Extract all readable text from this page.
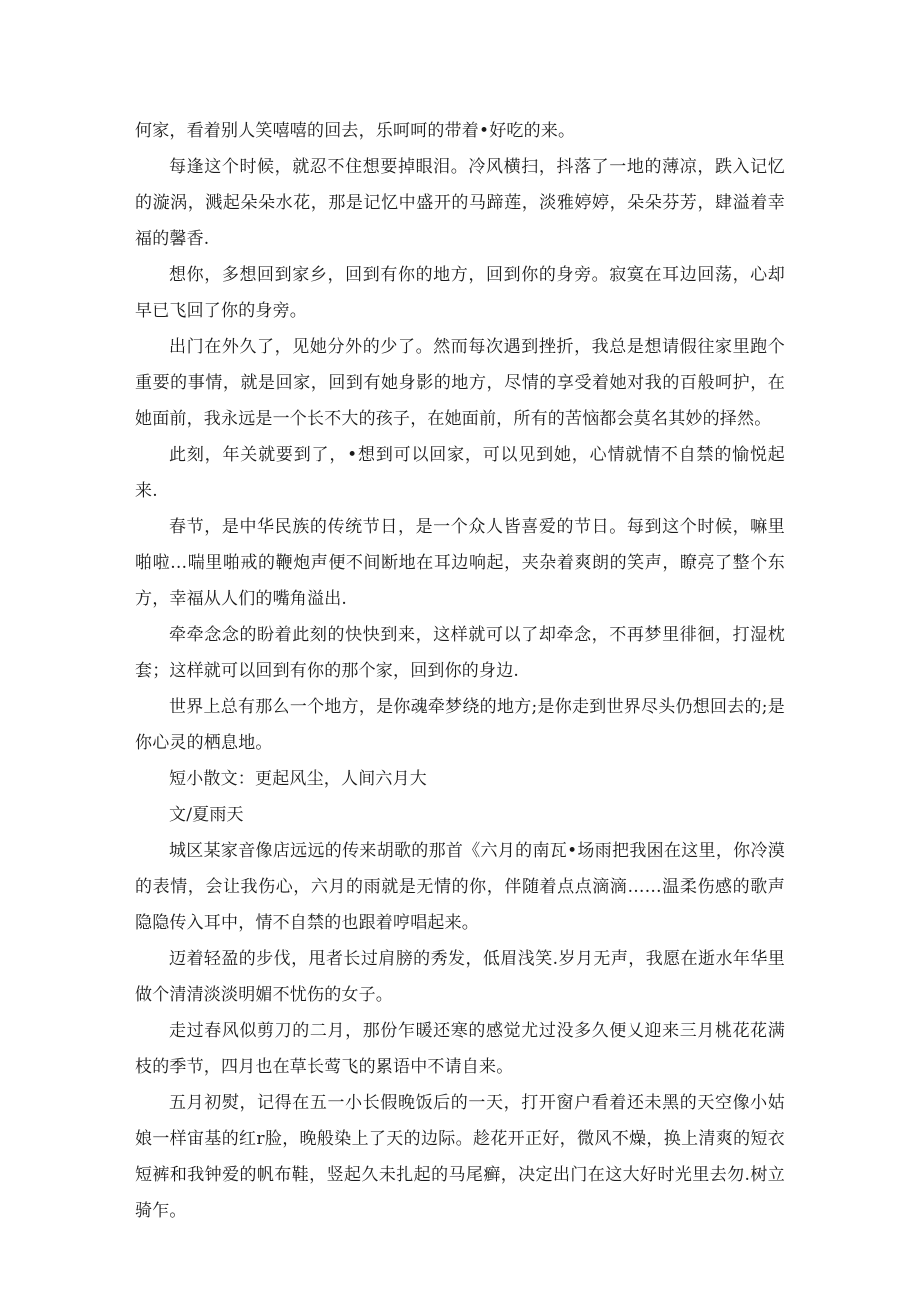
何家，看着别人笑嘻嘻的回去，乐呵呵的带着•好吃的来。

每逢这个时候，就忍不住想要掉眼泪。冷风横扫，抖落了一地的薄凉，跌入记忆的漩涡，溅起朵朵水花，那是记忆中盛开的马蹄莲，淡雅婷婷，朵朵芬芳，肆溢着幸福的馨香.

想你，多想回到家乡，回到有你的地方，回到你的身旁。寂寞在耳边回荡，心却早已飞回了你的身旁。

出门在外久了，见她分外的少了。然而每次遇到挫折，我总是想请假往家里跑个重要的事情，就是回家，回到有她身影的地方，尽情的享受着她对我的百般呵护，在她面前，我永远是一个长不大的孩子，在她面前，所有的苦恼都会莫名其妙的择然。

此刻，年关就要到了，•想到可以回家，可以见到她，心情就情不自禁的愉悦起来.

春节，是中华民族的传统节日，是一个众人皆喜爱的节日。每到这个时候，嘛里啪啦…喘里啪戒的鞭炮声便不间断地在耳边响起，夹杂着爽朗的笑声，瞭亮了整个东方，幸福从人们的嘴角溢出.

牵牵念念的盼着此刻的快快到来，这样就可以了却牵念，不再梦里徘徊，打湿枕套；这样就可以回到有你的那个家，回到你的身边.

世界上总有那么一个地方，是你魂牵梦绕的地方;是你走到世界尽头仍想回去的;是你心灵的栖息地。

短小散文：更起风尘，人间六月大

文/夏雨天

城区某家音像店远远的传来胡歌的那首《六月的南瓦•场雨把我困在这里，你冷漠的表情，会让我伤心，六月的雨就是无情的你，伴随着点点滴滴……温柔伤感的歌声隐隐传入耳中，情不自禁的也跟着哼唱起来。

迈着轻盈的步伐，甩者长过肩膀的秀发，低眉浅笑.岁月无声，我愿在逝水年华里做个清清淡淡明媚不忧伤的女子。

走过春风似剪刀的二月，那份乍暖还寒的感觉尤过没多久便乂迎来三月桃花花满枝的季节，四月也在草长莺飞的累语中不请自来。

五月初熨，记得在五一小长假晚饭后的一天，打开窗户看着还未黑的天空像小姑娘一样宙基的红r脸，晚般染上了天的边际。趁花开正好，微风不燥，换上清爽的短衣短裤和我钟爱的帆布鞋，竖起久未扎起的马尾癣，决定出门在这大好时光里去勿.树立骑乍。
